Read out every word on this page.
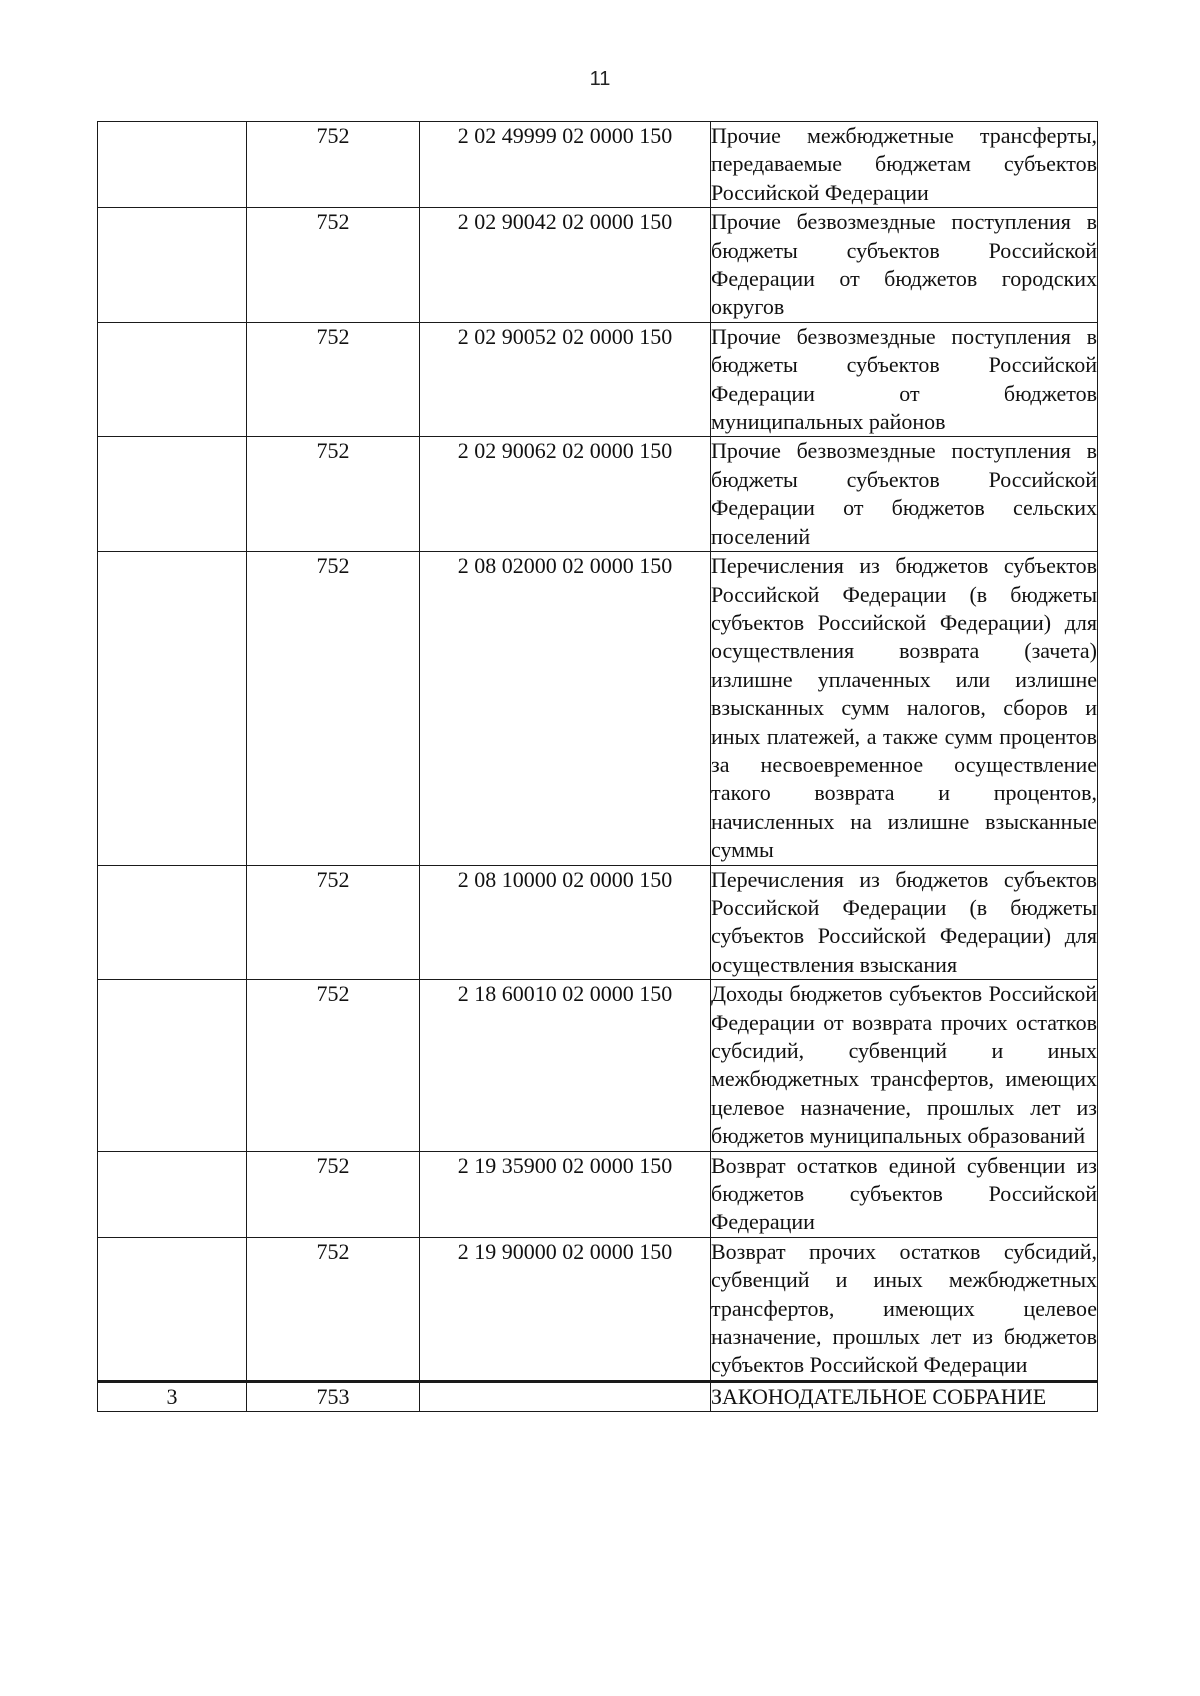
11
	752	2 02 49999 02 0000 150	Прочие межбюджетные трансферты, передаваемые бюджетам субъектов Российской Федерации
	752	2 02 90042 02 0000 150	Прочие безвозмездные поступления в бюджеты субъектов Российской Федерации от бюджетов городских округов
	752	2 02 90052 02 0000 150	Прочие безвозмездные поступления в бюджеты субъектов Российской Федерации от бюджетов муниципальных районов
	752	2 02 90062 02 0000 150	Прочие безвозмездные поступления в бюджеты субъектов Российской Федерации от бюджетов сельских поселений
	752	2 08 02000 02 0000 150	Перечисления из бюджетов субъектов Российской Федерации (в бюджеты субъектов Российской Федерации) для осуществления возврата (зачета) излишне уплаченных или излишне взысканных сумм налогов, сборов и иных платежей, а также сумм процентов за несвоевременное осуществление такого возврата и процентов, начисленных на излишне взысканные суммы
	752	2 08 10000 02 0000 150	Перечисления из бюджетов субъектов Российской Федерации (в бюджеты субъектов Российской Федерации) для осуществления взыскания
	752	2 18 60010 02 0000 150	Доходы бюджетов субъектов Российской Федерации от возврата прочих остатков субсидий, субвенций и иных межбюджетных трансфертов, имеющих целевое назначение, прошлых лет из бюджетов муниципальных образований
	752	2 19 35900 02 0000 150	Возврат остатков единой субвенции из бюджетов субъектов Российской Федерации
	752	2 19 90000 02 0000 150	Возврат прочих остатков субсидий, субвенций и иных межбюджетных трансфертов, имеющих целевое назначение, прошлых лет из бюджетов субъектов Российской Федерации
3	753		ЗАКОНОДАТЕЛЬНОЕ СОБРАНИЕ
